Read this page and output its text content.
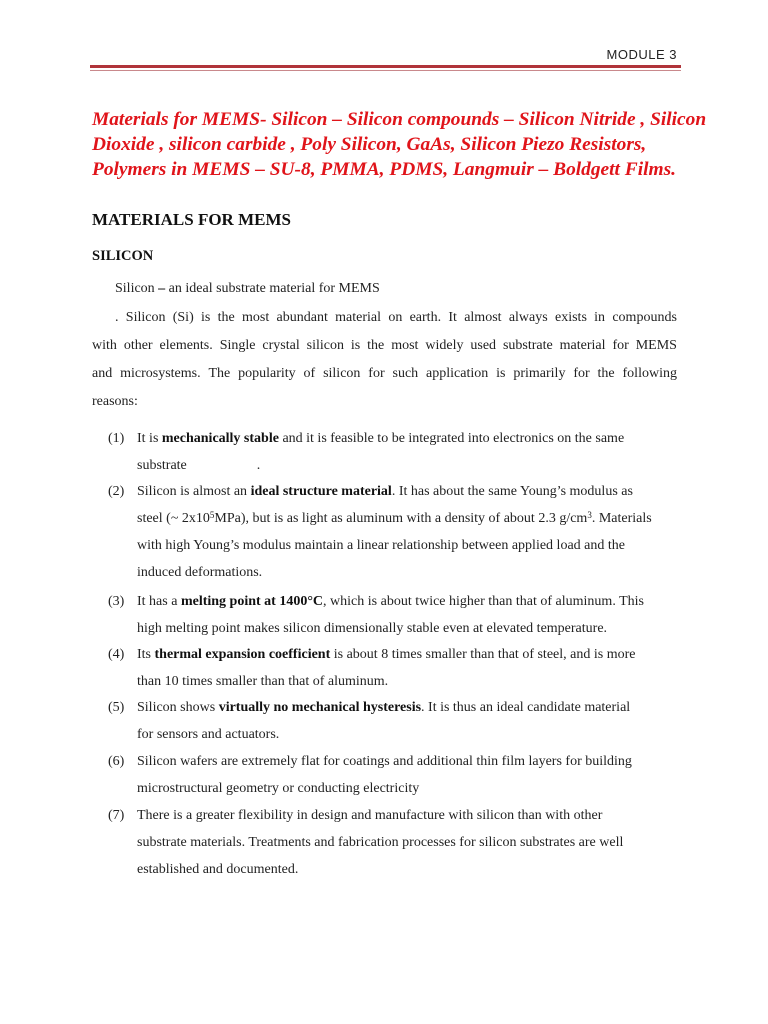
MODULE 3
Materials for MEMS- Silicon – Silicon compounds – Silicon Nitride , Silicon
Dioxide , silicon carbide , Poly Silicon, GaAs, Silicon Piezo Resistors,
Polymers in MEMS – SU-8, PMMA, PDMS, Langmuir – Boldgett Films.
MATERIALS FOR MEMS
SILICON
Silicon – an ideal substrate material for MEMS
. Silicon (Si) is the most abundant material on earth. It almost always exists in compounds
with other elements. Single crystal silicon is the most widely used substrate material for MEMS
and microsystems. The popularity of silicon for such application is primarily for the following
reasons:
(1) It is mechanically stable and it is feasible to be integrated into electronics on the same
substrate                    .
(2) Silicon is almost an ideal structure material. It has about the same Young’s modulus as
steel (~ $2x10^5MPa$), but is as light as aluminum with a density of about 2.3 $g/cm^3$. Materials
with high Young’s modulus maintain a linear relationship between applied load and the
induced deformations.
(3) It has a melting point at 1400°C, which is about twice higher than that of aluminum. This
high melting point makes silicon dimensionally stable even at elevated temperature.
(4) Its thermal expansion coefficient is about 8 times smaller than that of steel, and is more
than 10 times smaller than that of aluminum.
(5) Silicon shows virtually no mechanical hysteresis. It is thus an ideal candidate material
for sensors and actuators.
(6) Silicon wafers are extremely flat for coatings and additional thin film layers for building
microstructural geometry or conducting electricity
(7) There is a greater flexibility in design and manufacture with silicon than with other
substrate materials. Treatments and fabrication processes for silicon substrates are well
established and documented.
